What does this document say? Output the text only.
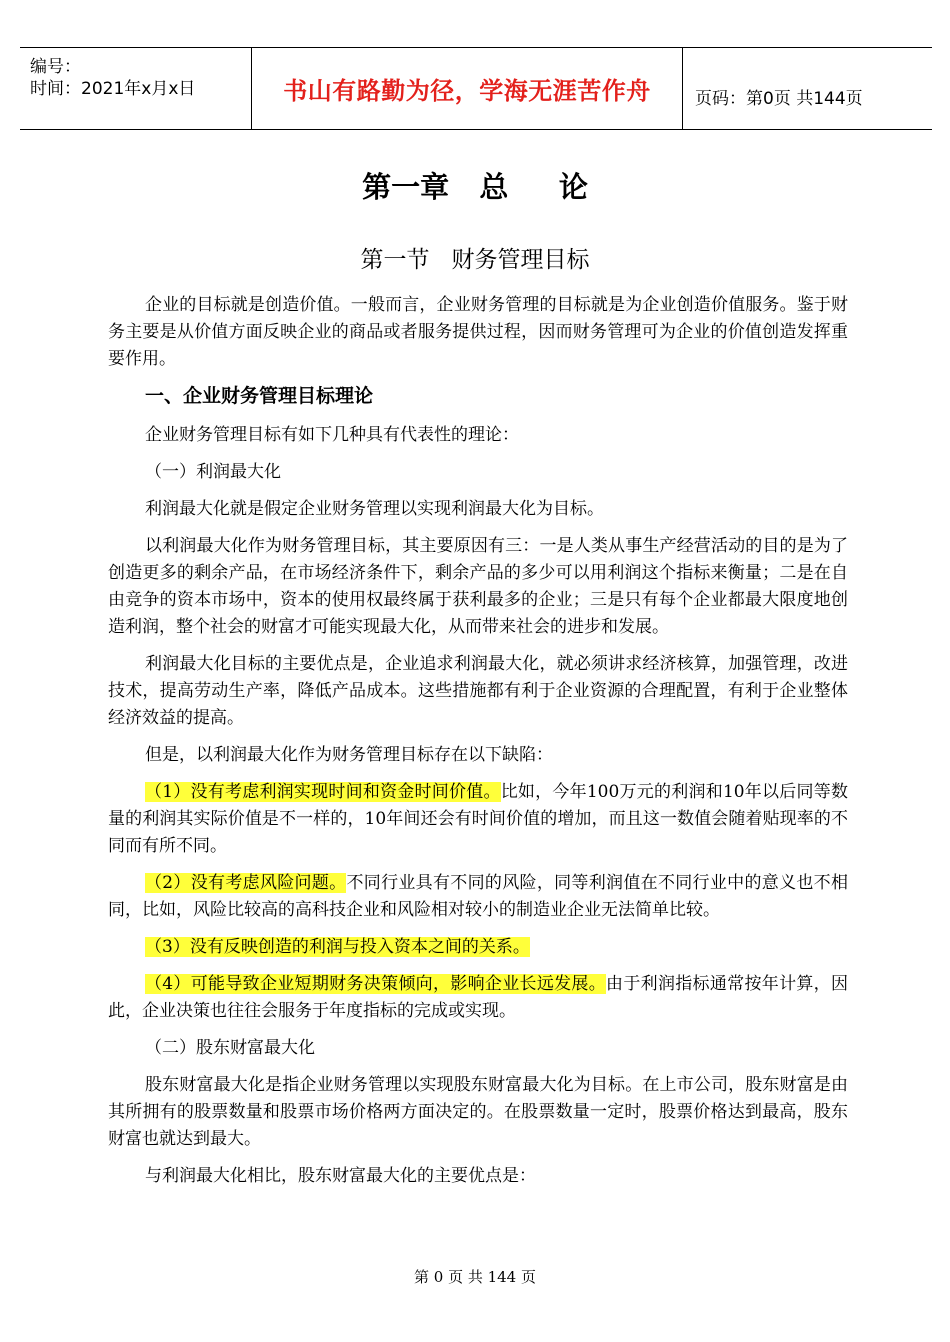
编号：
时间：2021年x月x日	书山有路勤为径，学海无涯苦作舟	页码：第0页 共144页
第一章   总     论
第一节   财务管理目标

企业的目标就是创造价值。一般而言，企业财务管理的目标就是为企业创造价值服务。鉴于财务主要是从价值方面反映企业的商品或者服务提供过程，因而财务管理可为企业的价值创造发挥重要作用。

一、企业财务管理目标理论

企业财务管理目标有如下几种具有代表性的理论：

（一）利润最大化

利润最大化就是假定企业财务管理以实现利润最大化为目标。

以利润最大化作为财务管理目标，其主要原因有三：一是人类从事生产经营活动的目的是为了创造更多的剩余产品，在市场经济条件下，剩余产品的多少可以用利润这个指标来衡量；二是在自由竞争的资本市场中，资本的使用权最终属于获利最多的企业；三是只有每个企业都最大限度地创造利润，整个社会的财富才可能实现最大化，从而带来社会的进步和发展。

利润最大化目标的主要优点是，企业追求利润最大化，就必须讲求经济核算，加强管理，改进技术，提高劳动生产率，降低产品成本。这些措施都有利于企业资源的合理配置，有利于企业整体经济效益的提高。

但是，以利润最大化作为财务管理目标存在以下缺陷：

（1）没有考虑利润实现时间和资金时间价值。比如，今年100万元的利润和10年以后同等数量的利润其实际价值是不一样的，10年间还会有时间价值的增加，而且这一数值会随着贴现率的不同而有所不同。

（2）没有考虑风险问题。不同行业具有不同的风险，同等利润值在不同行业中的意义也不相同，比如，风险比较高的高科技企业和风险相对较小的制造业企业无法简单比较。

（3）没有反映创造的利润与投入资本之间的关系。

（4）可能导致企业短期财务决策倾向，影响企业长远发展。由于利润指标通常按年计算，因此，企业决策也往往会服务于年度指标的完成或实现。

（二）股东财富最大化

股东财富最大化是指企业财务管理以实现股东财富最大化为目标。在上市公司，股东财富是由其所拥有的股票数量和股票市场价格两方面决定的。在股票数量一定时，股票价格达到最高，股东财富也就达到最大。

与利润最大化相比，股东财富最大化的主要优点是：

第 0 页 共 144 页
